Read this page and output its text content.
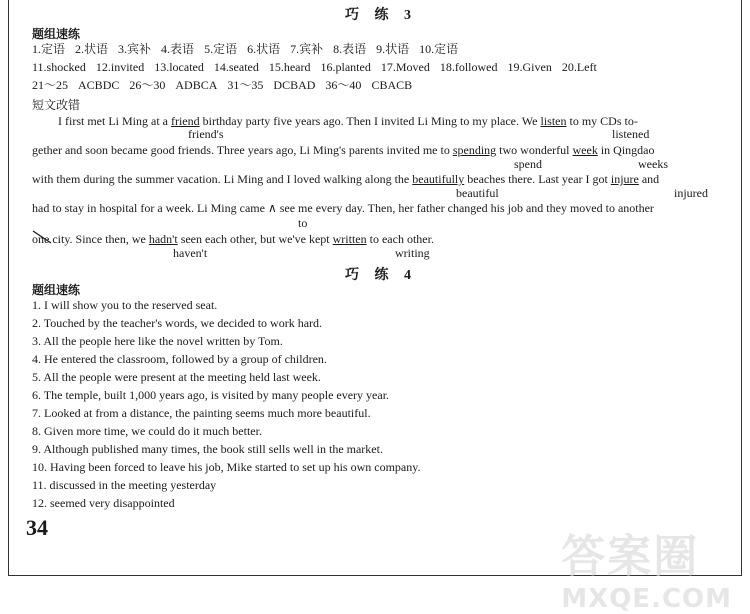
巧 练 3
题组速练
1.定语 2.状语 3.宾补 4.表语 5.定语 6.状语 7.宾补 8.表语 9.状语 10.定语
11.shocked 12.invited 13.located 14.seated 15.heard 16.planted 17.Moved 18.followed 19.Given 20.Left
21～25 ACBDC 26～30 ADBCA 31～35 DCBAD 36～40 CBACB
短文改错
I first met Li Ming at a friend birthday party five years ago. Then I invited Li Ming to my place. We listen to my CDs to-
friend's	listened
gether and soon became good friends. Three years ago, Li Ming's parents invited me to spending two wonderful week in Qingdao
spend	weeks
with them during the summer vacation. Li Ming and I loved walking along the beautifully beaches there. Last year I got injure and
beautiful	injured
had to stay in hospital for a week. Li Ming came ∧ see me every day. Then, her father changed his job and they moved to another
to
one city. Since then, we hadn't seen each other, but we've kept written to each other.
haven't	writing
巧 练 4
题组速练
1. I will show you to the reserved seat.
2. Touched by the teacher's words, we decided to work hard.
3. All the people here like the novel written by Tom.
4. He entered the classroom, followed by a group of children.
5. All the people were present at the meeting held last week.
6. The temple, built 1,000 years ago, is visited by many people every year.
7. Looked at from a distance, the painting seems much more beautiful.
8. Given more time, we could do it much better.
9. Although published many times, the book still sells well in the market.
10. Having been forced to leave his job, Mike started to set up his own company.
11. discussed in the meeting yesterday
12. seemed very disappointed
34
答案圈
MXQE.COM
